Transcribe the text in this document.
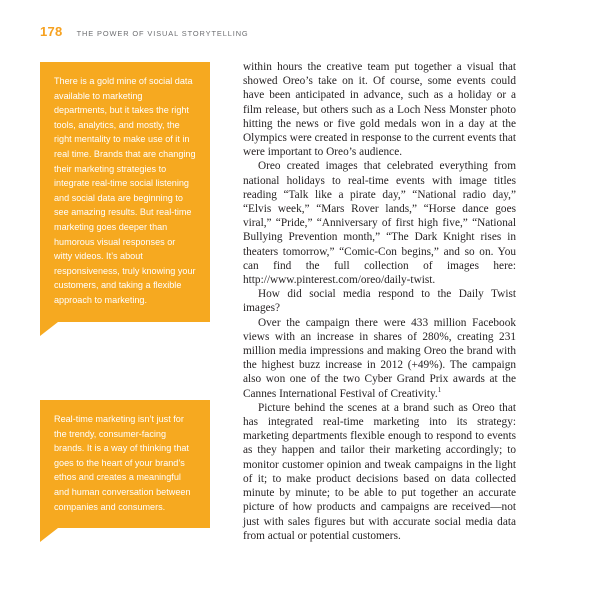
178 THE POWER OF VISUAL STORYTELLING
There is a gold mine of social data available to marketing departments, but it takes the right tools, analytics, and mostly, the right mentality to make use of it in real time. Brands that are changing their marketing strategies to integrate real-time social listening and social data are beginning to see amazing results. But real-time marketing goes deeper than humorous visual responses or witty videos. It’s about responsiveness, truly knowing your customers, and taking a flexible approach to marketing.
Real-time marketing isn’t just for the trendy, consumer-facing brands. It is a way of thinking that goes to the heart of your brand’s ethos and creates a meaningful and human conversation between companies and consumers.

within hours the creative team put together a visual that showed Oreo’s take on it. Of course, some events could have been anticipated in advance, such as a holiday or a film release, but others such as a Loch Ness Monster photo hitting the news or five gold medals won in a day at the Olympics were created in response to the current events that were important to Oreo’s audience.

Oreo created images that celebrated everything from national holidays to real-time events with image titles reading “Talk like a pirate day,” “National radio day,” “Elvis week,” “Mars Rover lands,” “Horse dance goes viral,” “Pride,” “Anniversary of first high five,” “National Bullying Prevention month,” “The Dark Knight rises in theaters tomorrow,” “Comic-Con begins,” and so on. You can find the full collection of images here: http://www.pinterest.com/oreo/daily-twist.

How did social media respond to the Daily Twist images?

Over the campaign there were 433 million Facebook views with an increase in shares of 280%, creating 231 million media impressions and making Oreo the brand with the highest buzz increase in 2012 (+49%). The campaign also won one of the two Cyber Grand Prix awards at the Cannes International Festival of Creativity.$^1$

Picture behind the scenes at a brand such as Oreo that has integrated real-time marketing into its strategy: marketing departments flexible enough to respond to events as they happen and tailor their marketing accordingly; to monitor customer opinion and tweak campaigns in the light of it; to make product decisions based on data collected minute by minute; to be able to put together an accurate picture of how products and campaigns are received—not just with sales figures but with accurate social media data from actual or potential customers.
